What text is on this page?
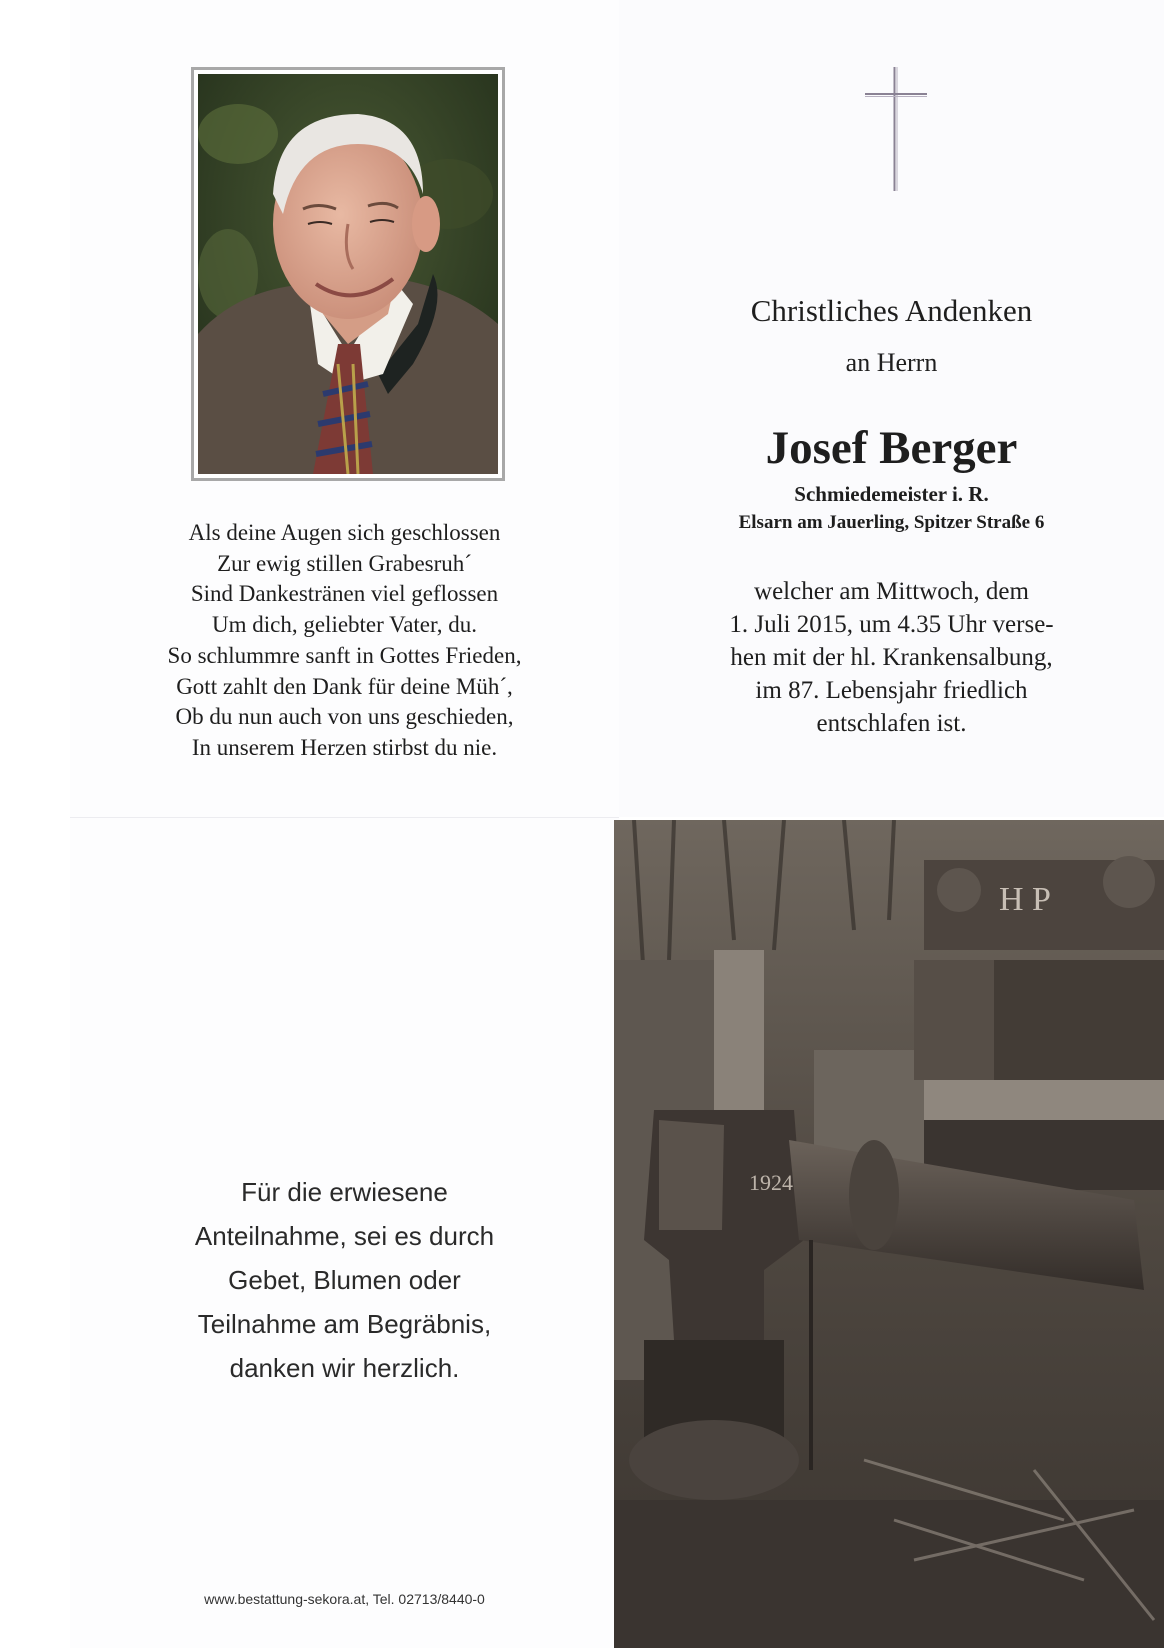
Als deine Augen sich geschlossen
Zur ewig stillen Grabesruh´
Sind Dankestränen viel geflossen
Um dich, geliebter Vater, du.
So schlummre sanft in Gottes Frieden,
Gott zahlt den Dank für deine Müh´,
Ob du nun auch von uns geschieden,
In unserem Herzen stirbst du nie.
Christliches Andenken
an Herrn
Josef Berger
Schmiedemeister i. R.
Elsarn am Jauerling, Spitzer Straße 6
welcher am Mittwoch, dem
1. Juli 2015, um 4.35 Uhr verse-
hen mit der hl. Krankensalbung,
im 87. Lebensjahr friedlich
entschlafen ist.
Für die erwiesene
Anteilnahme, sei es durch
Gebet, Blumen oder
Teilnahme am Begräbnis,
danken wir herzlich.
www.bestattung-sekora.at, Tel. 02713/8440-0
H P
1924
